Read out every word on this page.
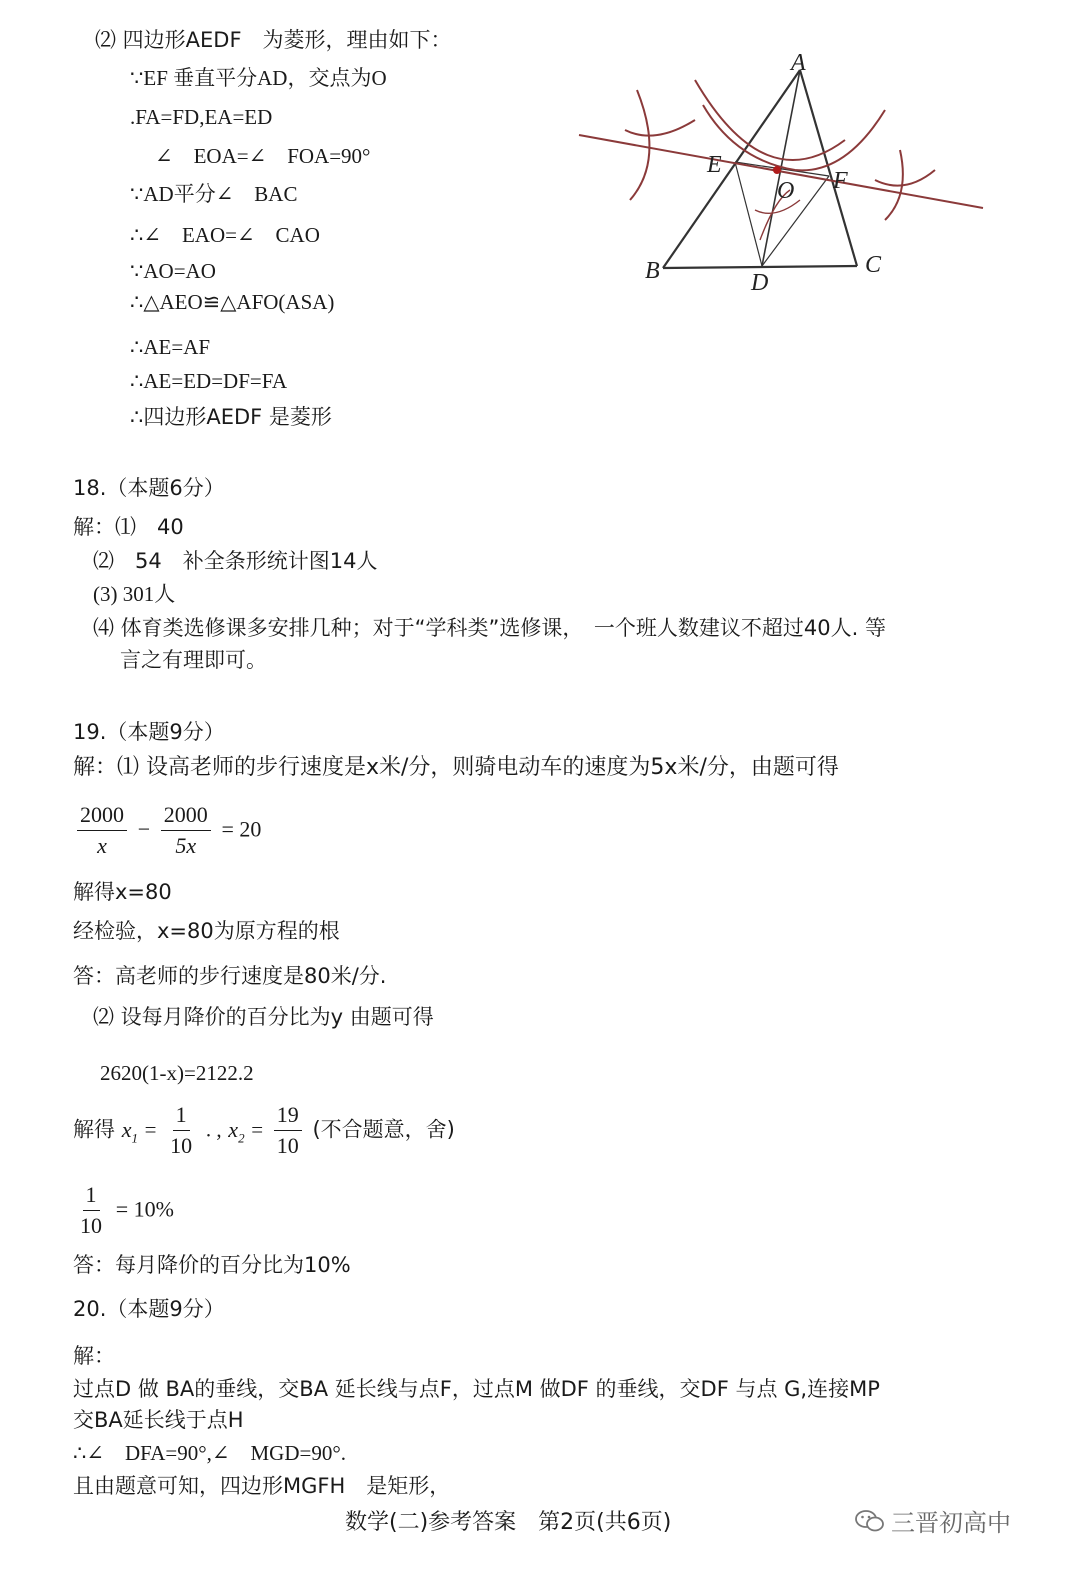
⑵ 四边形AEDF　为菱形，理由如下：
∵EF 垂直平分AD，交点为O
.FA=FD,EA=ED
∠　EOA=∠　FOA=90°
∵AD平分∠　BAC
∴∠　EAO=∠　CAO
∵AO=AO
∴△AEO≌△AFO(ASA)
∴AE=AF
∴AE=ED=DF=FA
∴四边形AEDF 是菱形
A
B	C
D
E
F
O
18.（本题6分）
解：⑴　40
⑵　54　补全条形统计图14人
(3) 301人
⑷ 体育类选修课多安排几种；对于“学科类”选修课，　一个班人数建议不超过40人. 等
言之有理即可。
19.（本题9分）
解：⑴ 设高老师的步行速度是x米/分，则骑电动车的速度为5x米/分，由题可得
$\frac{2000}{x} - \frac{2000}{5x} = 20$
解得x=80
经检验，x=80为原方程的根
答：高老师的步行速度是80米/分.
⑵ 设每月降价的百分比为y 由题可得
2620(1-x)=2122.2
解得 $x_1 = \frac{1}{10}$ . , $x_2 = \frac{19}{10}$ (不合题意，舍)
$\frac{1}{10} = 10\%$
答：每月降价的百分比为10%
20.（本题9分）
解：
过点D 做 BA的垂线，交BA 延长线与点F，过点M 做DF 的垂线，交DF 与点 G,连接MP
交BA延长线于点H
∴∠　DFA=90°,∠　MGD=90°.
且由题意可知，四边形MGFH　是矩形，
数学(二)参考答案　第2页(共6页)	三晋初高中
